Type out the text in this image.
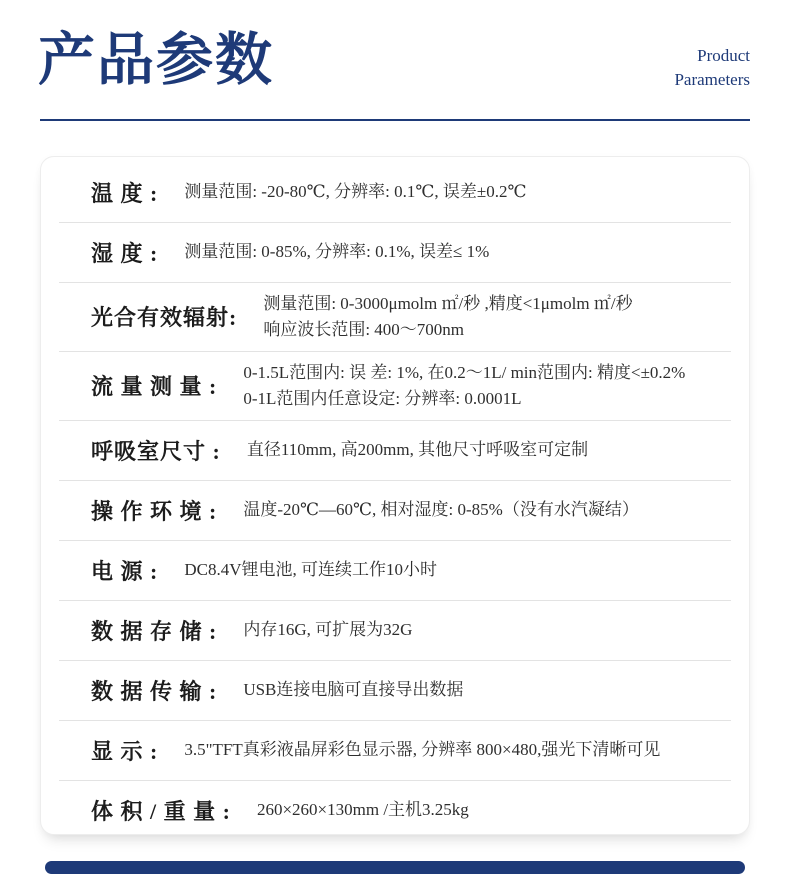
产品参数	Product
Parameters
温 度 : 测量范围: -20-80℃, 分辨率: 0.1℃, 误差±0.2℃
湿 度 : 测量范围: 0-85%, 分辨率: 0.1%, 误差≤ 1%
光合有效辐射:
测量范围: 0-3000μmolm ㎡/秒 ,精度<1μmolm ㎡/秒
响应波长范围: 400～700nm
流 量 测 量 :
0-1.5L范围内: 误 差: 1%, 在0.2～1L/ min范围内: 精度<±0.2%
0-1L范围内任意设定: 分辨率: 0.0001L
呼吸室尺寸 : 直径110mm, 高200mm, 其他尺寸呼吸室可定制
操 作 环 境 : 温度-20℃—60℃, 相对湿度: 0-85%（没有水汽凝结）
电 源 : DC8.4V锂电池, 可连续工作10小时
数 据 存 储 : 内存16G, 可扩展为32G
数 据 传 输 : USB连接电脑可直接导出数据
显 示 : 3.5"TFT真彩液晶屏彩色显示器, 分辨率 800×480,强光下清晰可见
体 积 / 重 量 : 260×260×130mm /主机3.25kg
